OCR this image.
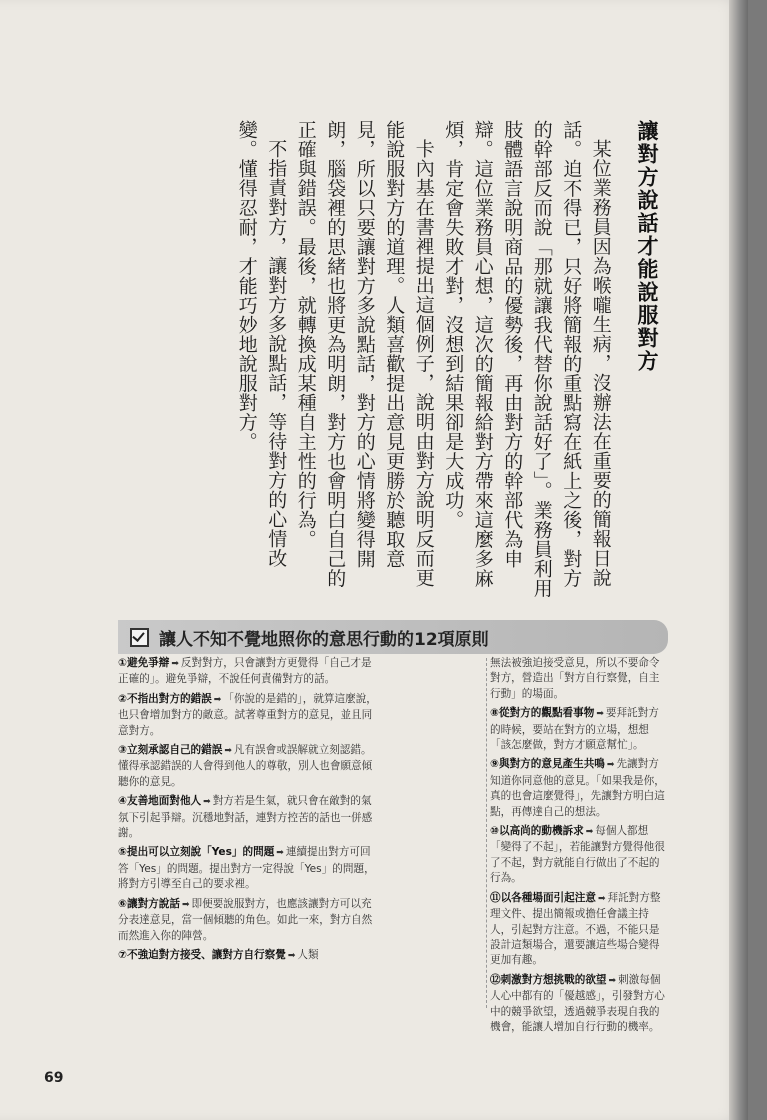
讓對方說話才能說服對方

某位業務員因為喉嚨生病，沒辦法在重要的簡報日說話。迫不得已，只好將簡報的重點寫在紙上之後，對方的幹部反而說「那就讓我代替你說話好了」。業務員利用肢體語言說明商品的優勢後，再由對方的幹部代為申辯。這位業務員心想，這次的簡報給對方帶來這麼多麻煩，肯定會失敗才對，沒想到結果卻是大成功。

卡內基在書裡提出這個例子，說明由對方說明反而更能說服對方的道理。人類喜歡提出意見更勝於聽取意見，所以只要讓對方多說點話，對方的心情將變得開朗，腦袋裡的思緒也將更為明朗，對方也會明白自己的正確與錯誤。最後，就轉換成某種自主性的行為。

不指責對方，讓對方多說點話，等待對方的心情改變。懂得忍耐，才能巧妙地說服對方。

讓人不知不覺地照你的意思行動的12項原則
①避免爭辯 ➡ 反對對方，只會讓對方更覺得「自己才是正確的」。避免爭辯，不說任何責備對方的話。
②不指出對方的錯誤 ➡ 「你說的是錯的」，就算這麼說，也只會增加對方的敵意。試著尊重對方的意見，並且同意對方。
③立刻承認自己的錯誤 ➡ 凡有誤會或誤解就立刻認錯。懂得承認錯誤的人會得到他人的尊敬，別人也會願意傾聽你的意見。
④友善地面對他人 ➡ 對方若是生氣，就只會在敵對的氣氛下引起爭辯。沉穩地對話，連對方控苦的話也一併感謝。
⑤提出可以立刻說「Yes」的問題 ➡ 連續提出對方可回答「Yes」的問題。提出對方一定得說「Yes」的問題，將對方引導至自己的要求裡。
⑥讓對方說話 ➡ 即便要說服對方，也應該讓對方可以充分表達意見，當一個傾聽的角色。如此一來，對方自然而然進入你的陣營。
⑦不強迫對方接受、讓對方自行察覺 ➡ 人類
無法被強迫接受意見，所以不要命令對方，營造出「對方自行察覺，自主行動」的場面。
⑧從對方的觀點看事物 ➡ 要拜託對方的時候，要站在對方的立場，想想「該怎麼做，對方才願意幫忙」。
⑨與對方的意見產生共鳴 ➡ 先讓對方知道你同意他的意見。「如果我是你，真的也會這麼覺得」，先讓對方明白這點，再傳達自己的想法。
⑩以高尚的動機訴求 ➡ 每個人都想「變得了不起」，若能讓對方覺得他很了不起，對方就能自行做出了不起的行為。
⑪以各種場面引起注意 ➡ 拜託對方整理文件、提出簡報或擔任會議主持人，引起對方注意。不過，不能只是設計這類場合，還要讓這些場合變得更加有趣。
⑫刺激對方想挑戰的欲望 ➡ 刺激每個人心中都有的「優越感」，引發對方心中的競爭欲望，透過競爭表現自我的機會，能讓人增加自行行動的機率。
69
